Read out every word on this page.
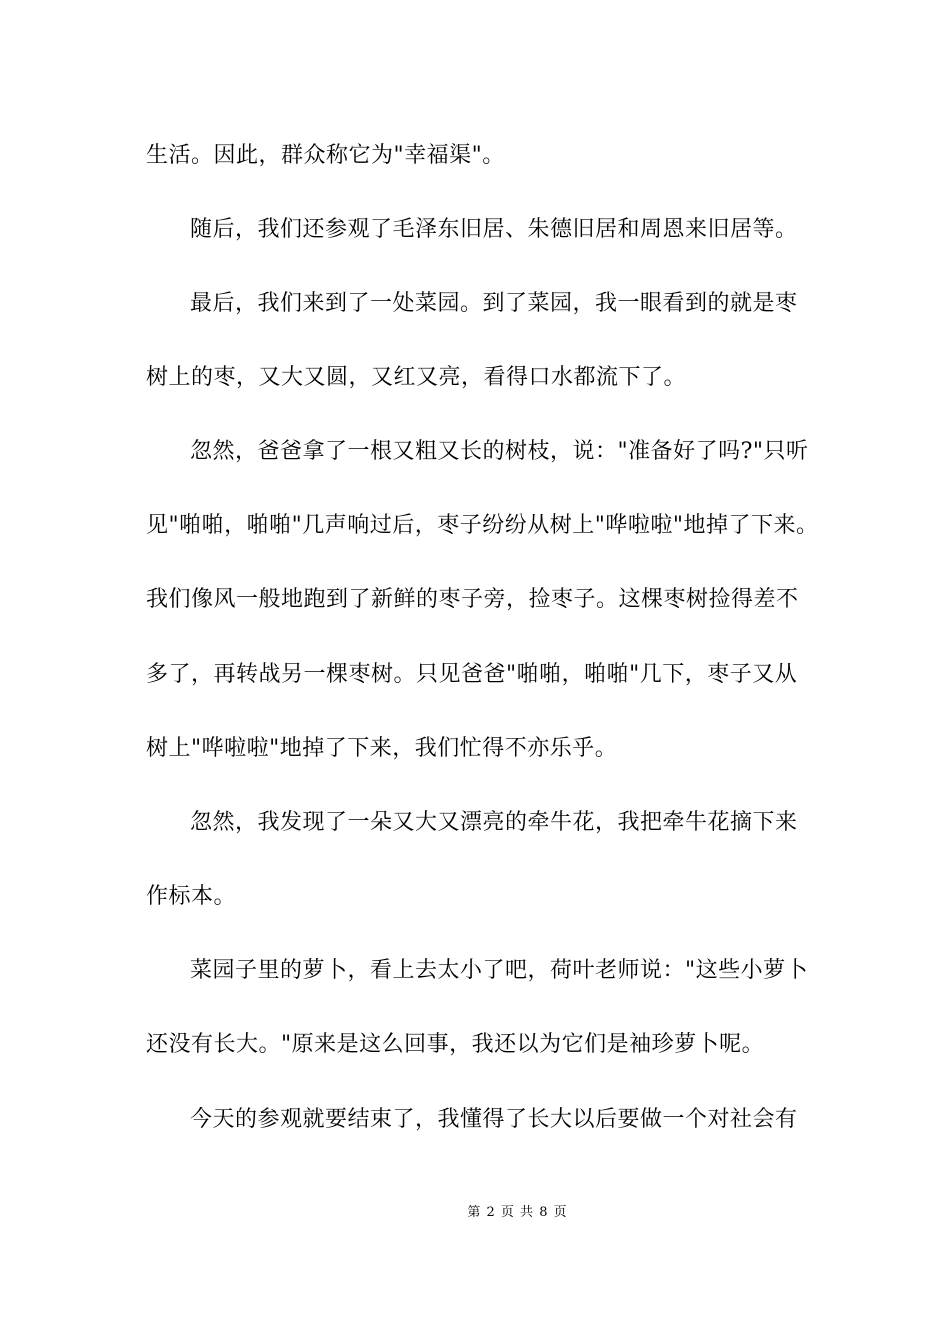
生活。因此，群众称它为"幸福渠"。
随后，我们还参观了毛泽东旧居、朱德旧居和周恩来旧居等。
最后，我们来到了一处菜园。到了菜园，我一眼看到的就是枣
树上的枣，又大又圆，又红又亮，看得口水都流下了。
忽然，爸爸拿了一根又粗又长的树枝，说："准备好了吗?"只听
见"啪啪，啪啪"几声响过后，枣子纷纷从树上"哗啦啦"地掉了下来。
我们像风一般地跑到了新鲜的枣子旁，捡枣子。这棵枣树捡得差不
多了，再转战另一棵枣树。只见爸爸"啪啪，啪啪"几下，枣子又从
树上"哗啦啦"地掉了下来，我们忙得不亦乐乎。
忽然，我发现了一朵又大又漂亮的牵牛花，我把牵牛花摘下来
作标本。
菜园子里的萝卜，看上去太小了吧，荷叶老师说："这些小萝卜
还没有长大。"原来是这么回事，我还以为它们是袖珍萝卜呢。
今天的参观就要结束了，我懂得了长大以后要做一个对社会有
第 2 页 共 8 页
